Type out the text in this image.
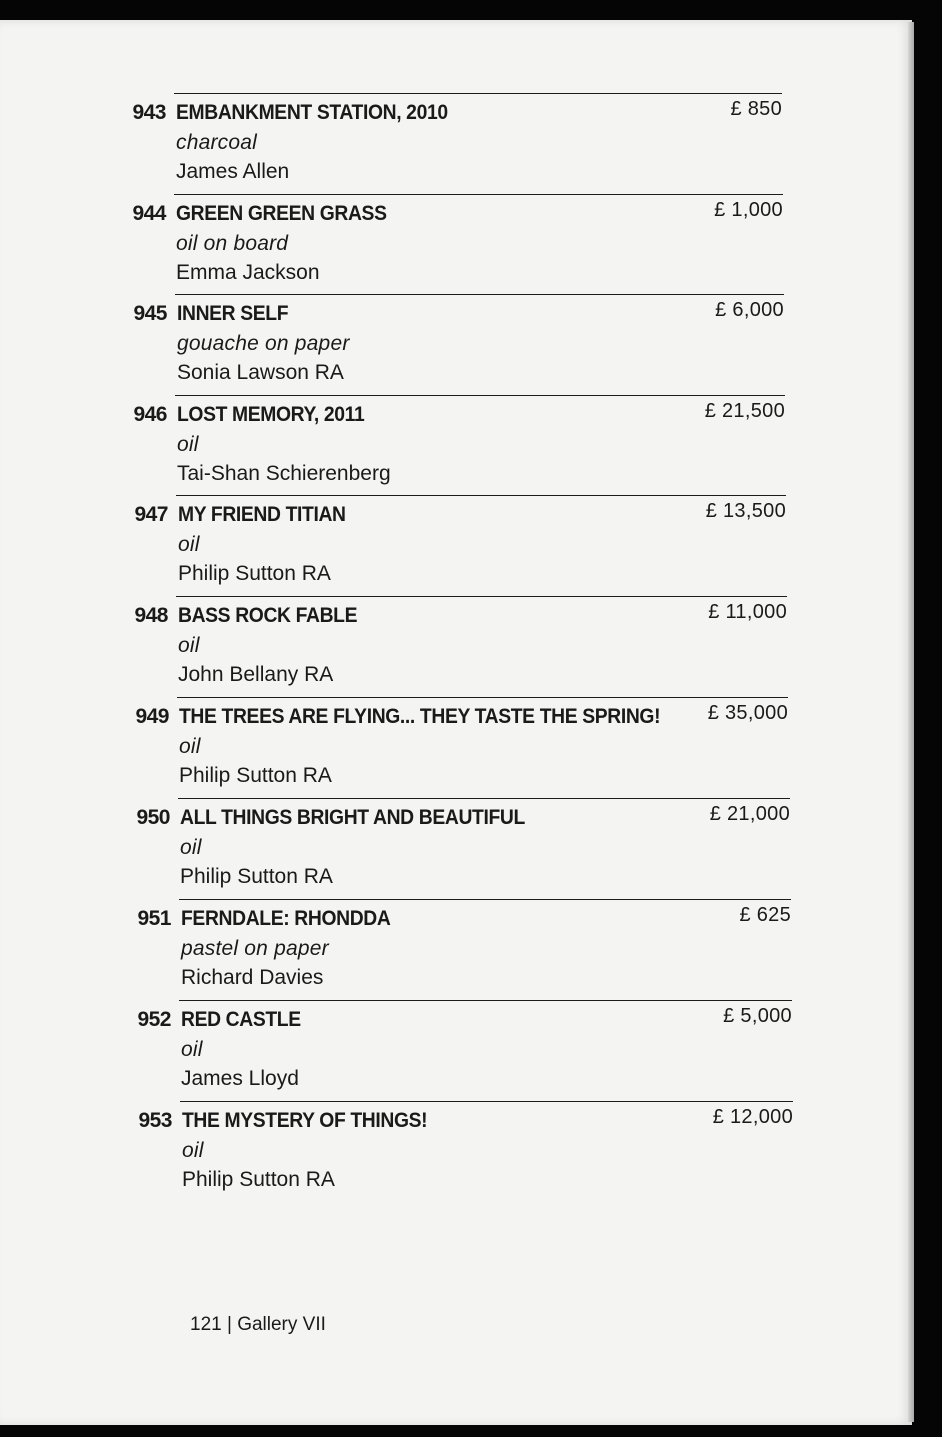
943 EMBANKMENT STATION, 2010
charcoal
James Allen
£ 850
944 GREEN GREEN GRASS
oil on board
Emma Jackson
£ 1,000
945 INNER SELF
gouache on paper
Sonia Lawson RA
£ 6,000
946 LOST MEMORY, 2011
oil
Tai-Shan Schierenberg
£ 21,500
947 MY FRIEND TITIAN
oil
Philip Sutton RA
£ 13,500
948 BASS ROCK FABLE
oil
John Bellany RA
£ 11,000
949 THE TREES ARE FLYING... THEY TASTE THE SPRING!
oil
Philip Sutton RA
£ 35,000
950 ALL THINGS BRIGHT AND BEAUTIFUL
oil
Philip Sutton RA
£ 21,000
951 FERNDALE: RHONDDA
pastel on paper
Richard Davies
£ 625
952 RED CASTLE
oil
James Lloyd
£ 5,000
953 THE MYSTERY OF THINGS!
oil
Philip Sutton RA
£ 12,000
121 | Gallery VII
